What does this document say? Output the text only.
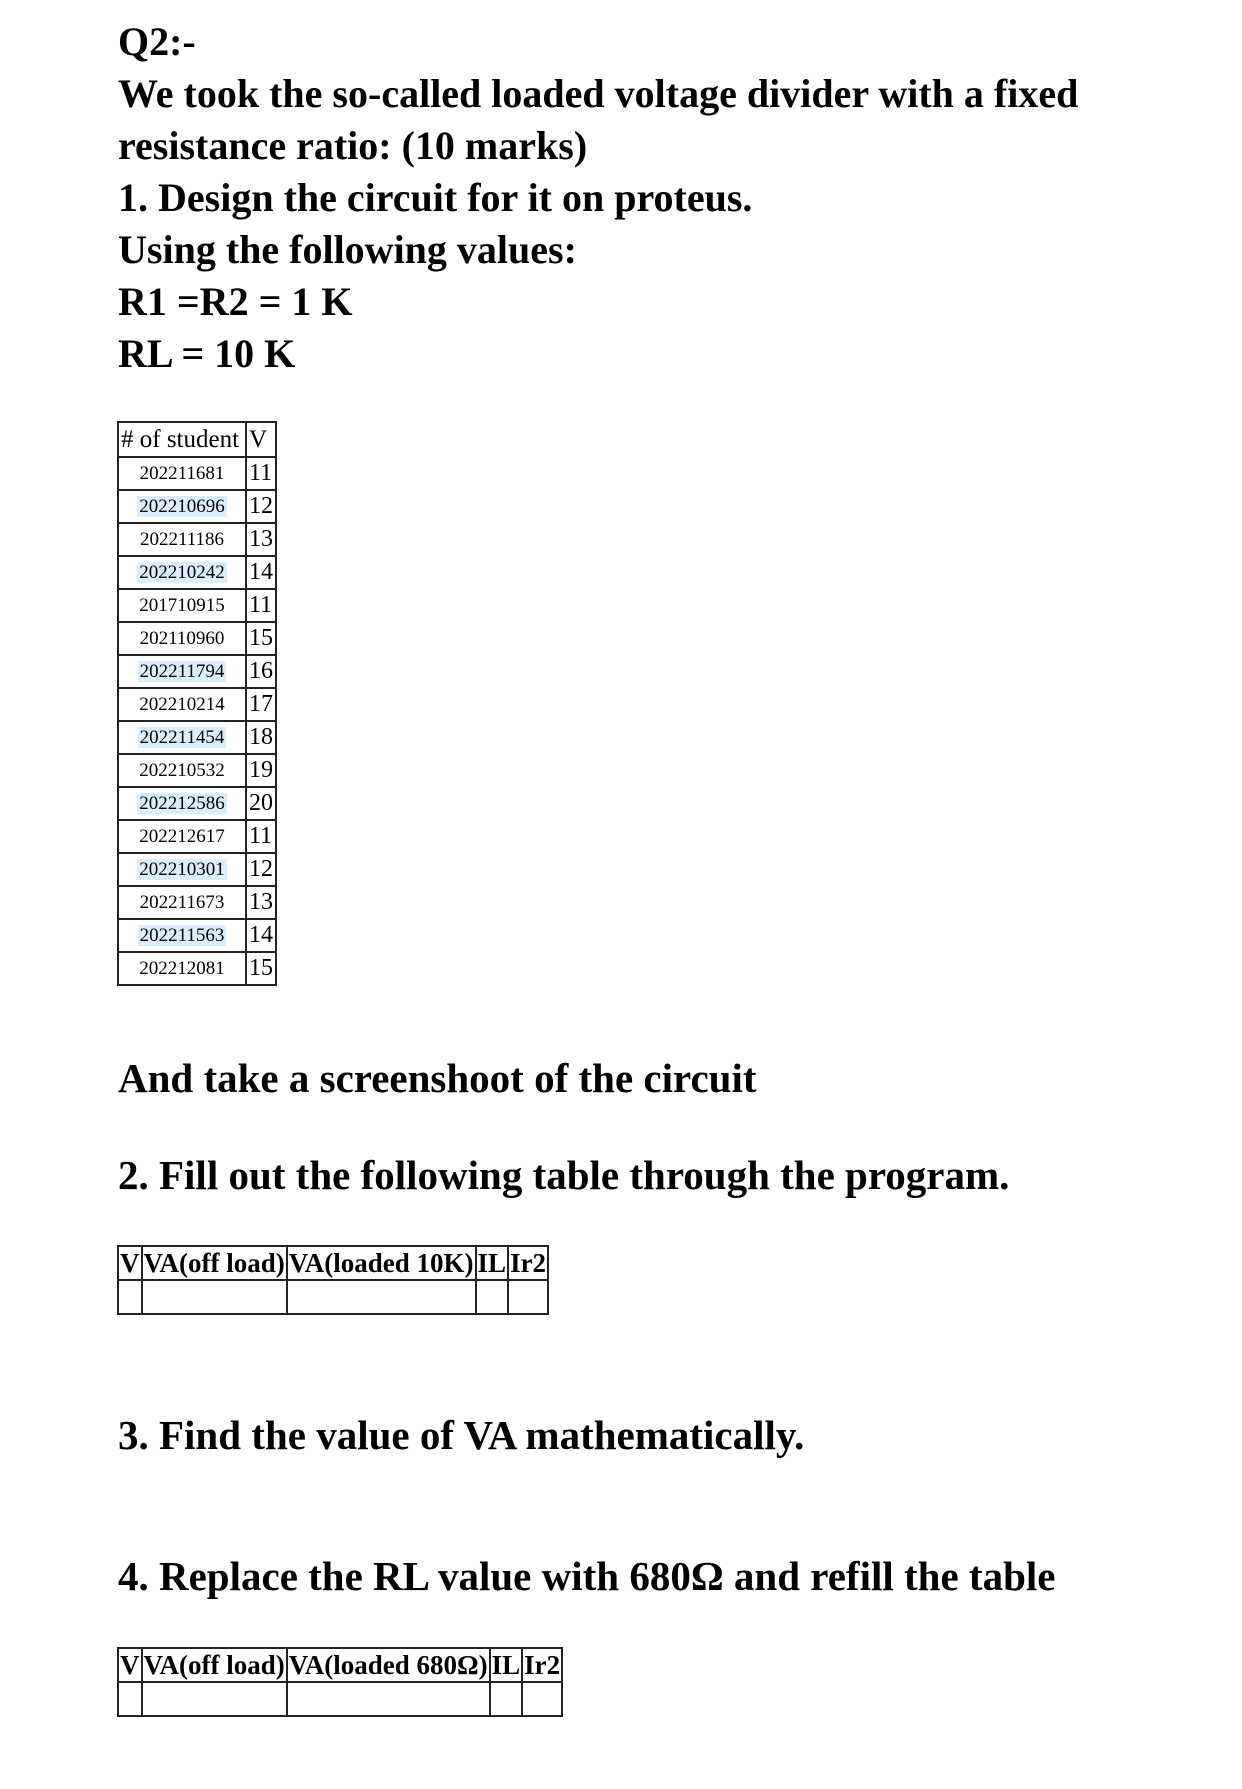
Q2:-
We took the so-called loaded voltage divider with a fixed
resistance ratio: (10 marks)
1. Design the circuit for it on proteus.
Using the following values:
R1 =R2 = 1 K
RL = 10 K
# of student	V
202211681	11
202210696	12
202211186	13
202210242	14
201710915	11
202110960	15
202211794	16
202210214	17
202211454	18
202210532	19
202212586	20
202212617	11
202210301	12
202211673	13
202211563	14
202212081	15
And take a screenshoot of the circuit
2. Fill out the following table through the program.
V	VA(off load)	VA(loaded 10K)	IL	Ir2

3. Find the value of VA mathematically.
4. Replace the RL value with 680Ω and refill the table
V	VA(off load)	VA(loaded 680Ω)	IL	Ir2
